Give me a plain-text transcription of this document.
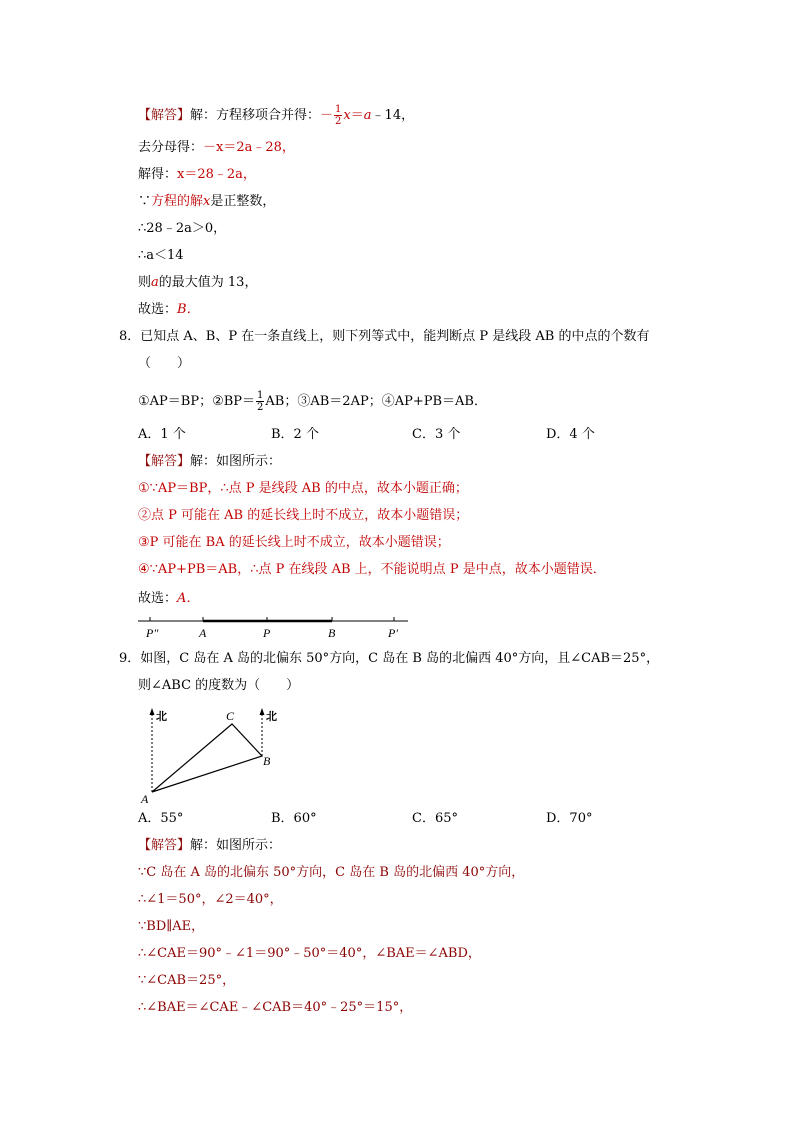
【解答】解：方程移项合并得：－ $\frac{1}{2}$ x＝a﹣14，
去分母得：－x＝2a﹣28，
解得：x＝28﹣2a，
∵方程的解x是正整数，
∴28﹣2a＞0，
∴a＜14
则a的最大值为 13，
故选：B．
8．已知点 A、B、P 在一条直线上，则下列等式中，能判断点 P 是线段 AB 的中点的个数有
（　　）
①AP＝BP；②BP＝ $\frac{1}{2}$ AB；③AB＝2AP；④AP+PB＝AB．
A．1 个	B．2 个	C．3 个	D．4 个
【解答】解：如图所示：
①∵AP＝BP，∴点 P 是线段 AB 的中点，故本小题正确；
②点 P 可能在 AB 的延长线上时不成立，故本小题错误；
③P 可能在 BA 的延长线上时不成立，故本小题错误；
④∵AP+PB＝AB，∴点 P 在线段 AB 上，不能说明点 P 是中点，故本小题错误．
故选：A．
P″	A	P	B	P′
9．如图，C 岛在 A 岛的北偏东 50°方向，C 岛在 B 岛的北偏西 40°方向，且∠CAB＝25°，
则∠ABC 的度数为（　　）
北	北
C
B
A
A．55°	B．60°	C．65°	D．70°
【解答】解：如图所示：
∵C 岛在 A 岛的北偏东 50°方向，C 岛在 B 岛的北偏西 40°方向，
∴∠1＝50°，∠2＝40°，
∵BD∥AE，
∴∠CAE＝90°﹣∠1＝90°﹣50°＝40°，∠BAE＝∠ABD，
∵∠CAB＝25°，
∴∠BAE＝∠CAE﹣∠CAB＝40°﹣25°＝15°，
